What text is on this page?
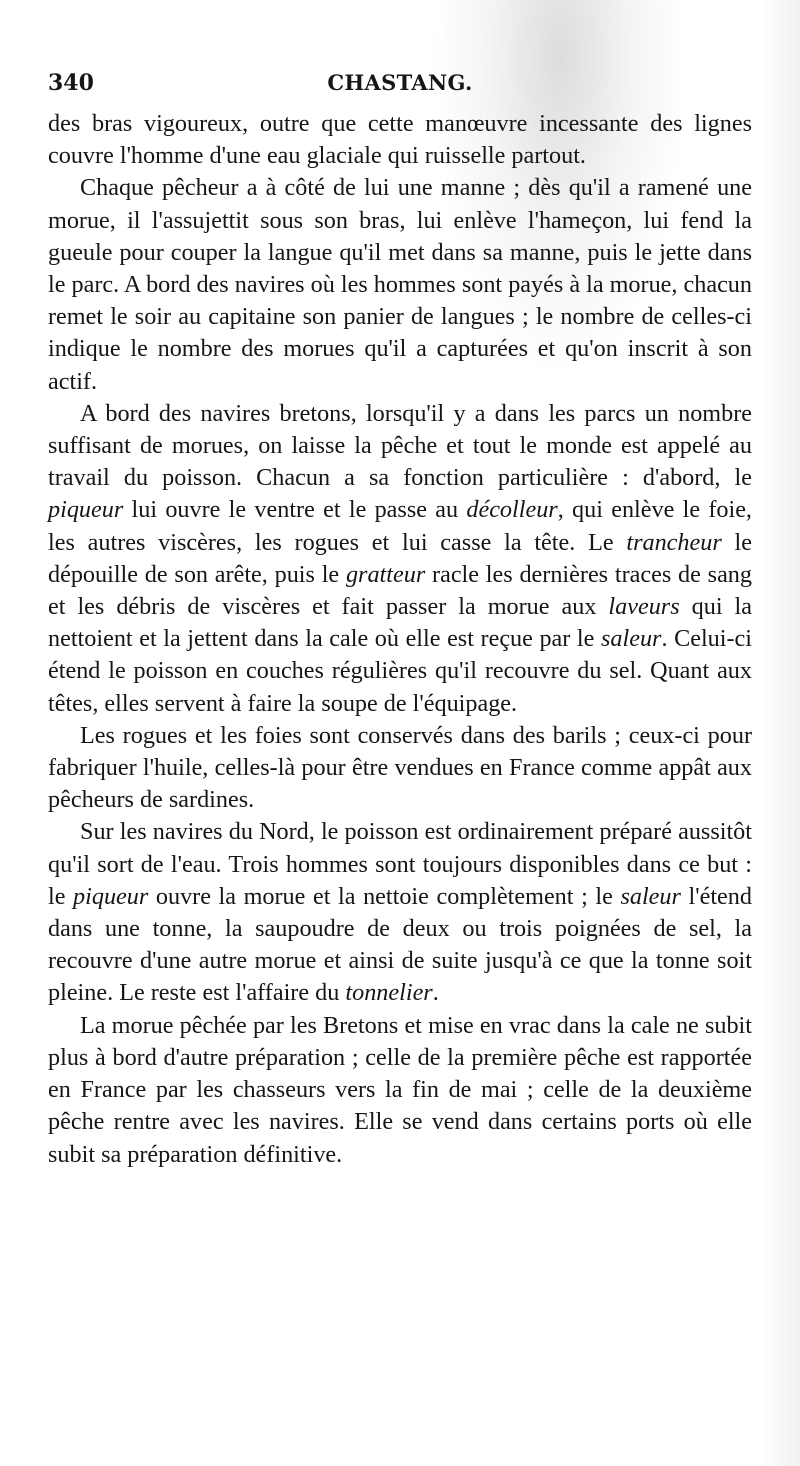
340	CHASTANG.

des bras vigoureux, outre que cette manœuvre incessante des lignes couvre l'homme d'une eau glaciale qui ruisselle partout.

Chaque pêcheur a à côté de lui une manne ; dès qu'il a ramené une morue, il l'assujettit sous son bras, lui enlève l'hameçon, lui fend la gueule pour couper la langue qu'il met dans sa manne, puis le jette dans le parc. A bord des navires où les hommes sont payés à la morue, chacun remet le soir au capitaine son panier de langues ; le nombre de celles-ci indique le nombre des morues qu'il a capturées et qu'on inscrit à son actif.

A bord des navires bretons, lorsqu'il y a dans les parcs un nombre suffisant de morues, on laisse la pêche et tout le monde est appelé au travail du poisson. Chacun a sa fonction particulière : d'abord, le piqueur lui ouvre le ventre et le passe au décolleur, qui enlève le foie, les autres viscères, les rogues et lui casse la tête. Le trancheur le dépouille de son arête, puis le gratteur racle les dernières traces de sang et les débris de viscères et fait passer la morue aux laveurs qui la nettoient et la jettent dans la cale où elle est reçue par le saleur. Celui-ci étend le poisson en couches régulières qu'il recouvre du sel. Quant aux têtes, elles servent à faire la soupe de l'équipage.

Les rogues et les foies sont conservés dans des barils ; ceux-ci pour fabriquer l'huile, celles-là pour être vendues en France comme appât aux pêcheurs de sardines.

Sur les navires du Nord, le poisson est ordinairement préparé aussitôt qu'il sort de l'eau. Trois hommes sont toujours disponibles dans ce but : le piqueur ouvre la morue et la nettoie complètement ; le saleur l'étend dans une tonne, la saupoudre de deux ou trois poignées de sel, la recouvre d'une autre morue et ainsi de suite jusqu'à ce que la tonne soit pleine. Le reste est l'affaire du tonnelier.

La morue pêchée par les Bretons et mise en vrac dans la cale ne subit plus à bord d'autre préparation ; celle de la première pêche est rapportée en France par les chasseurs vers la fin de mai ; celle de la deuxième pêche rentre avec les navires. Elle se vend dans certains ports où elle subit sa préparation définitive.
